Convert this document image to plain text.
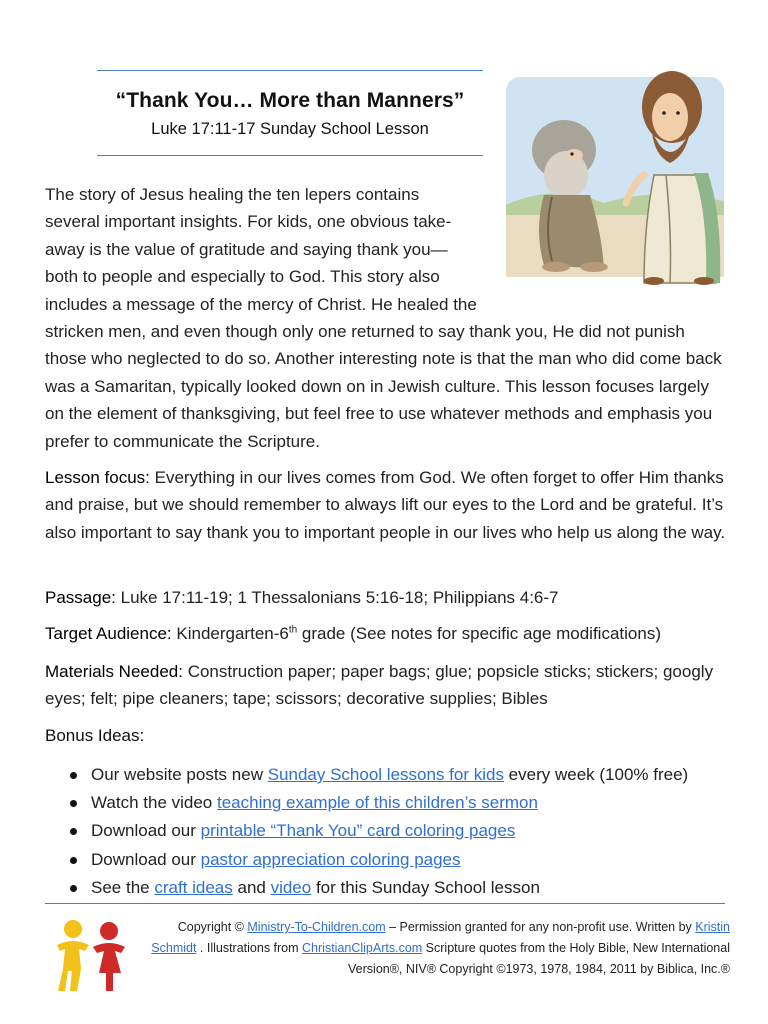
“Thank You… More than Manners”
Luke 17:11-17 Sunday School Lesson

The story of Jesus healing the ten lepers contains several important insights. For kids, one obvious take-away is the value of gratitude and saying thank you—both to people and especially to God. This story also includes a message of the mercy of Christ. He healed the stricken men, and even though only one returned to say thank you, He did not punish those who neglected to do so. Another interesting note is that the man who did come back was a Samaritan, typically looked down on in Jewish culture. This lesson focuses largely on the element of thanksgiving, but feel free to use whatever methods and emphasis you prefer to communicate the Scripture.

Lesson focus: Everything in our lives comes from God. We often forget to offer Him thanks and praise, but we should remember to always lift our eyes to the Lord and be grateful. It’s also important to say thank you to important people in our lives who help us along the way.

Passage: Luke 17:11-19; 1 Thessalonians 5:16-18; Philippians 4:6-7

Target Audience: Kindergarten-6th grade (See notes for specific age modifications)

Materials Needed: Construction paper; paper bags; glue; popsicle sticks; stickers; googly eyes; felt; pipe cleaners; tape; scissors; decorative supplies; Bibles

Bonus Ideas:
Our website posts new Sunday School lessons for kids every week (100% free)
Watch the video teaching example of this children’s sermon
Download our printable “Thank You” card coloring pages
Download our pastor appreciation coloring pages
See the craft ideas and video for this Sunday School lesson
Copyright © Ministry-To-Children.com – Permission granted for any non-profit use. Written by Kristin Schmidt . Illustrations from ChristianClipArts.com Scripture quotes from the Holy Bible, New International Version®, NIV® Copyright ©1973, 1978, 1984, 2011 by Biblica, Inc.®
